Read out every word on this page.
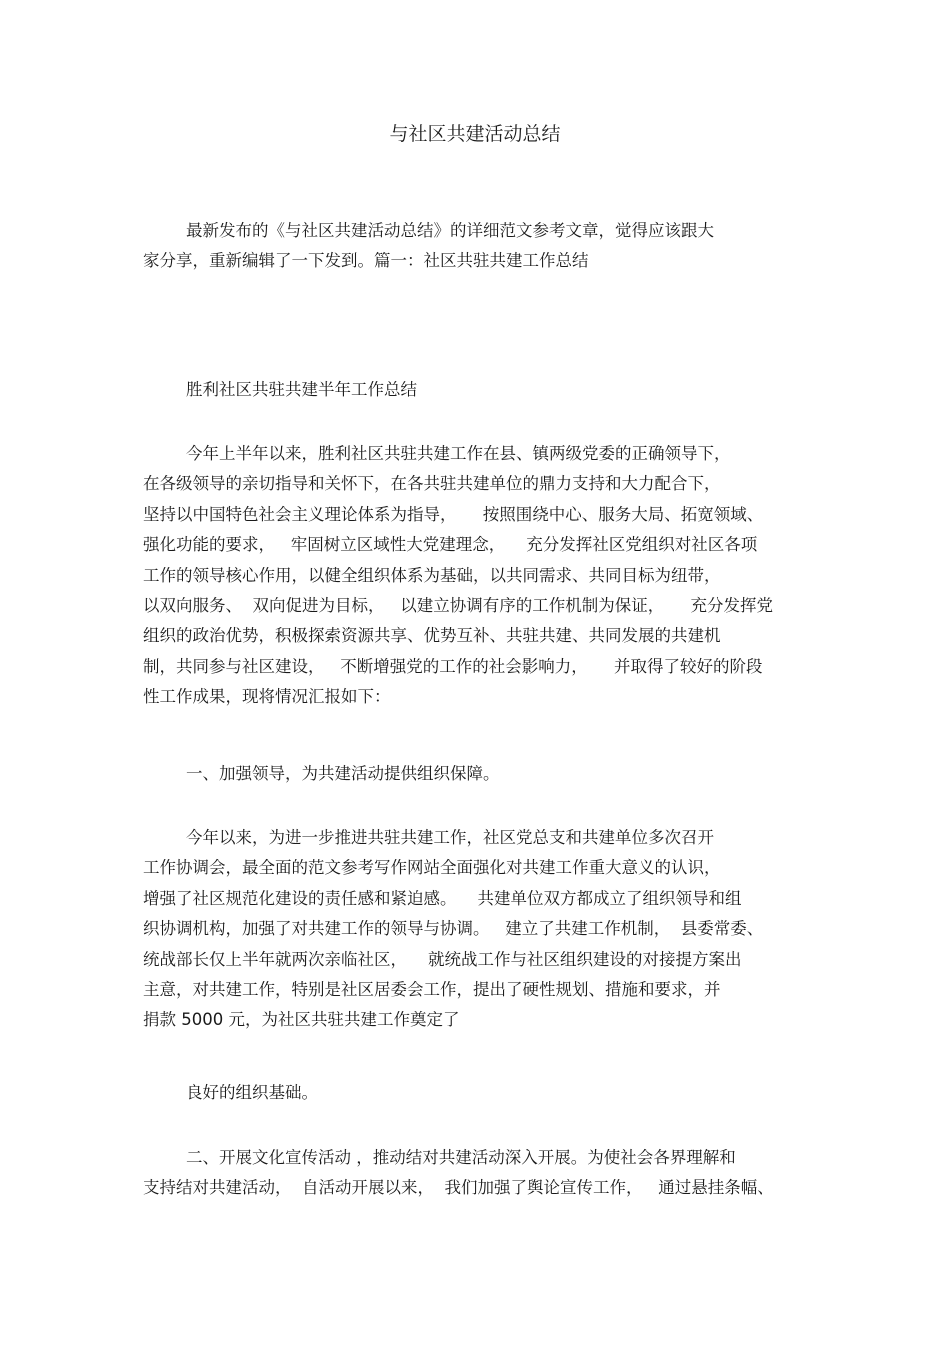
与社区共建活动总结
最新发布的《与社区共建活动总结》的详细范文参考文章，觉得应该跟大
家分享，重新编辑了一下发到。篇一：社区共驻共建工作总结
胜利社区共驻共建半年工作总结
今年上半年以来，胜利社区共驻共建工作在县、镇两级党委的正确领导下，
在各级领导的亲切指导和关怀下，在各共驻共建单位的鼎力支持和大力配合下，
坚持以中国特色社会主义理论体系为指导，     按照围绕中心、服务大局、拓宽领域、
强化功能的要求，   牢固树立区域性大党建理念，    充分发挥社区党组织对社区各项
工作的领导核心作用，以健全组织体系为基础，以共同需求、共同目标为纽带，
以双向服务、  双向促进为目标，   以建立协调有序的工作机制为保证，     充分发挥党
组织的政治优势，积极探索资源共享、优势互补、共驻共建、共同发展的共建机
制，共同参与社区建设，   不断增强党的工作的社会影响力，     并取得了较好的阶段
性工作成果，现将情况汇报如下：
一、加强领导，为共建活动提供组织保障。
今年以来，为进一步推进共驻共建工作，社区党总支和共建单位多次召开
工作协调会，最全面的范文参考写作网站全面强化对共建工作重大意义的认识，
增强了社区规范化建设的责任感和紧迫感。    共建单位双方都成立了组织领导和组
织协调机构，加强了对共建工作的领导与协调。   建立了共建工作机制，  县委常委、
统战部长仅上半年就两次亲临社区，    就统战工作与社区组织建设的对接提方案出
主意，对共建工作，特别是社区居委会工作，提出了硬性规划、措施和要求，并
捐款 5000 元，为社区共驻共建工作奠定了
良好的组织基础。
二、开展文化宣传活动 ，推动结对共建活动深入开展。为使社会各界理解和
支持结对共建活动，  自活动开展以来，  我们加强了舆论宣传工作，   通过悬挂条幅、
